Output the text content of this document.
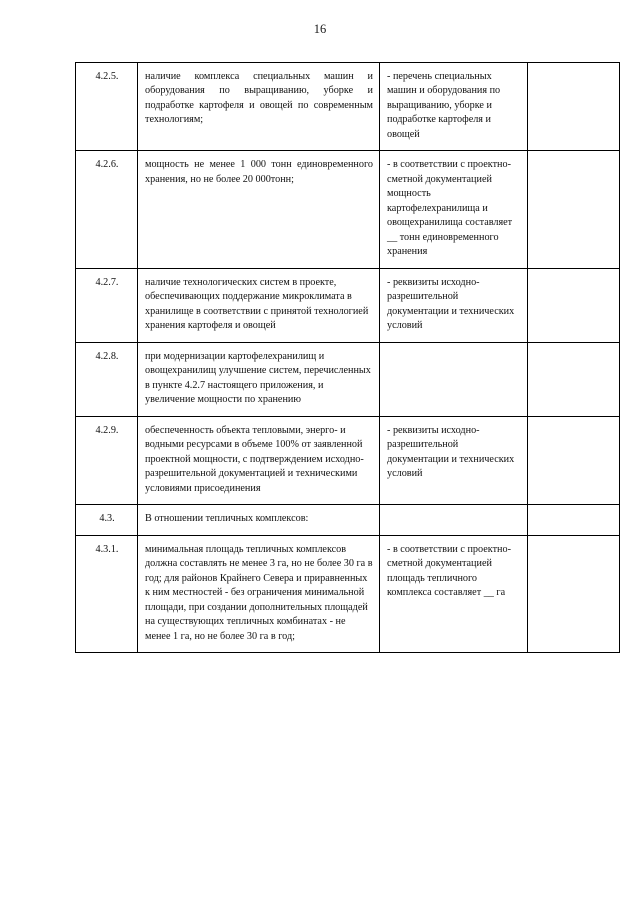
16
4.2.5.	наличие комплекса специальных машин и оборудования по выращиванию, уборке и подработке картофеля и овощей по современным технологиям;	- перечень специальных машин и оборудования по выращиванию, уборке и подработке картофеля и овощей	

4.2.6.	мощность не менее 1 000 тонн единовременного хранения, но не более 20 000тонн;	- в соответствии с проектно-сметной документацией мощность картофелехранилища и овощехранилища составляет __ тонн единовременного хранения	

4.2.7.	наличие технологических систем в проекте, обеспечивающих поддержание микроклимата в хранилище в соответствии с принятой технологией хранения картофеля и овощей	- реквизиты исходно-разрешительной документации и технических условий	

4.2.8.	при модернизации картофелехранилищ и овощехранилищ улучшение систем, перечисленных в пункте 4.2.7 настоящего приложения, и увеличение мощности по хранению		

4.2.9.	обеспеченность объекта тепловыми, энерго- и водными ресурсами в объеме 100% от заявленной проектной мощности, с подтверждением исходно-разрешительной документацией и техническими условиями присоединения	- реквизиты исходно-разрешительной документации и технических условий	

4.3.	В отношении тепличных комплексов:		

4.3.1.	минимальная площадь тепличных комплексов должна составлять не менее 3 га, но не более 30 га в год; для районов Крайнего Севера и приравненных к ним местностей - без ограничения минимальной площади, при создании дополнительных площадей на существующих тепличных комбинатах - не менее 1 га, но не более 30 га в год;	- в соответствии с проектно-сметной документацией площадь тепличного комплекса составляет __ га	
